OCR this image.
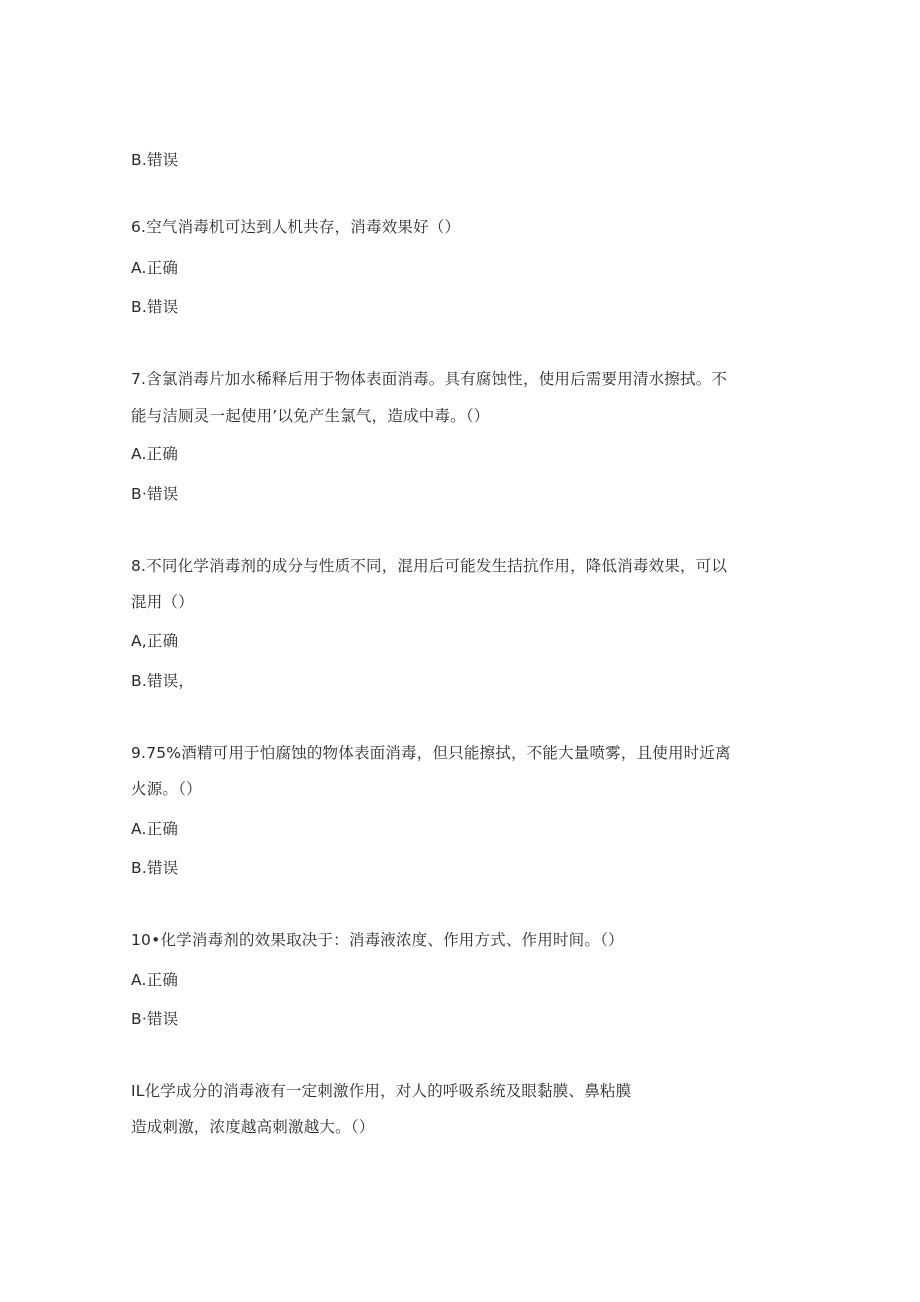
B.错误
6.空气消毒机可达到人机共存，消毒效果好（）
A.正确
B.错误
7.含氯消毒片加水稀释后用于物体表面消毒。具有腐蚀性，使用后需要用清水擦拭。不
能与洁厕灵一起使用’以免产生氯气，造成中毒。（）
A.正确
B·错误
8.不同化学消毒剂的成分与性质不同，混用后可能发生拮抗作用，降低消毒效果，可以
混用（）
A,正确
B.错误，
9.75%酒精可用于怕腐蚀的物体表面消毒，但只能擦拭，不能大量喷雾，且使用时近离
火源。（）
A.正确
B.错误
10•化学消毒剂的效果取决于：消毒液浓度、作用方式、作用时间。（）
A.正确
B·错误
IL化学成分的消毒液有一定刺激作用，对人的呼吸系统及眼黏膜、鼻粘膜
造成刺激，浓度越高刺激越大。（）
